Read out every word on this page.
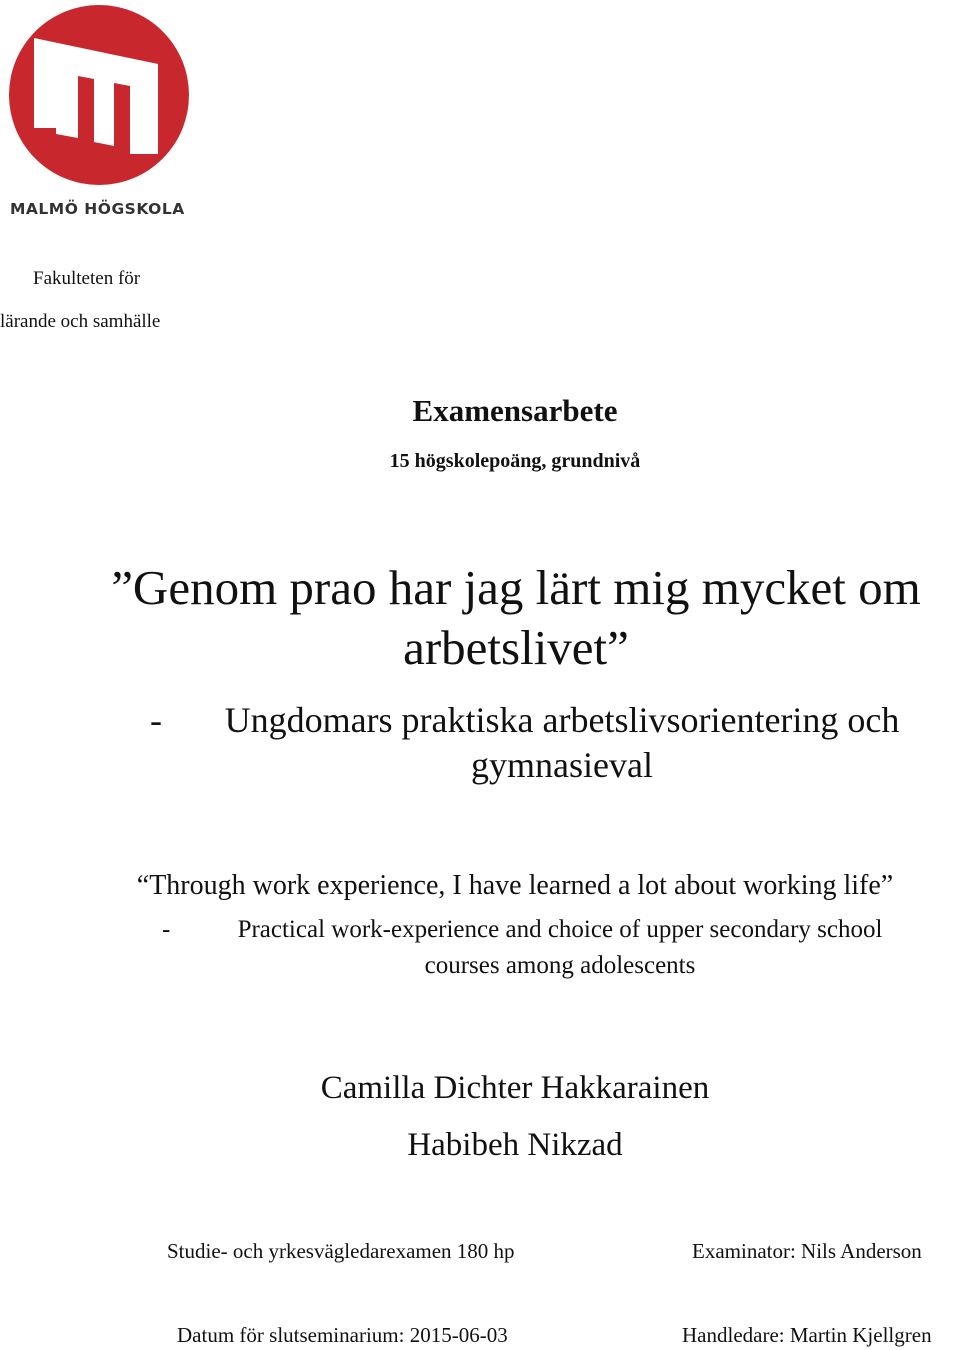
MALMÖ HÖGSKOLA
Fakulteten för
lärande och samhälle
Examensarbete
15 högskolepoäng, grundnivå
”Genom prao har jag lärt mig mycket om arbetslivet”
-	Ungdomars praktiska arbetslivsorientering och gymnasieval
“Through work experience, I have learned a lot about working life”
-	Practical work-experience and choice of upper secondary school courses among adolescents
Camilla Dichter Hakkarainen
Habibeh Nikzad
Studie- och yrkesvägledarexamen 180 hp	Examinator: Nils Anderson
Datum för slutseminarium: 2015-06-03	Handledare: Martin Kjellgren
